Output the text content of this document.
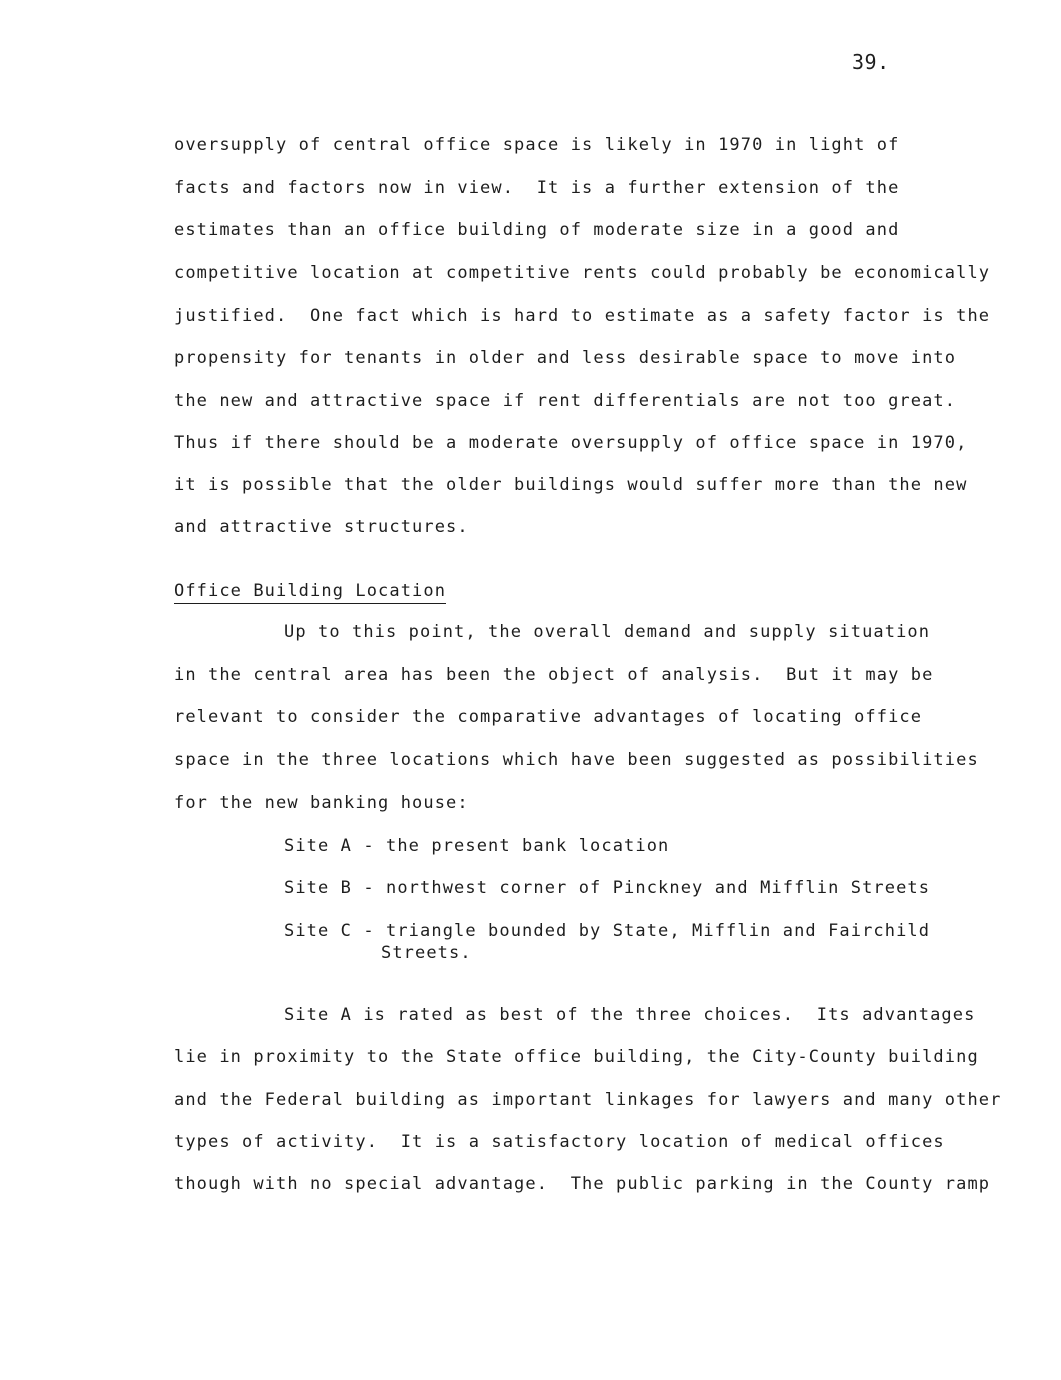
39.
oversupply of central office space is likely in 1970 in light of
facts and factors now in view.  It is a further extension of the
estimates than an office building of moderate size in a good and
competitive location at competitive rents could probably be economically
justified.  One fact which is hard to estimate as a safety factor is the
propensity for tenants in older and less desirable space to move into
the new and attractive space if rent differentials are not too great.
Thus if there should be a moderate oversupply of office space in 1970,
it is possible that the older buildings would suffer more than the new
and attractive structures.
Office Building Location
Up to this point, the overall demand and supply situation
in the central area has been the object of analysis.  But it may be
relevant to consider the comparative advantages of locating office
space in the three locations which have been suggested as possibilities
for the new banking house:
Site A - the present bank location
Site B - northwest corner of Pinckney and Mifflin Streets
Site C - triangle bounded by State, Mifflin and Fairchild
Streets.
Site A is rated as best of the three choices.  Its advantages
lie in proximity to the State office building, the City-County building
and the Federal building as important linkages for lawyers and many other
types of activity.  It is a satisfactory location of medical offices
though with no special advantage.  The public parking in the County ramp
